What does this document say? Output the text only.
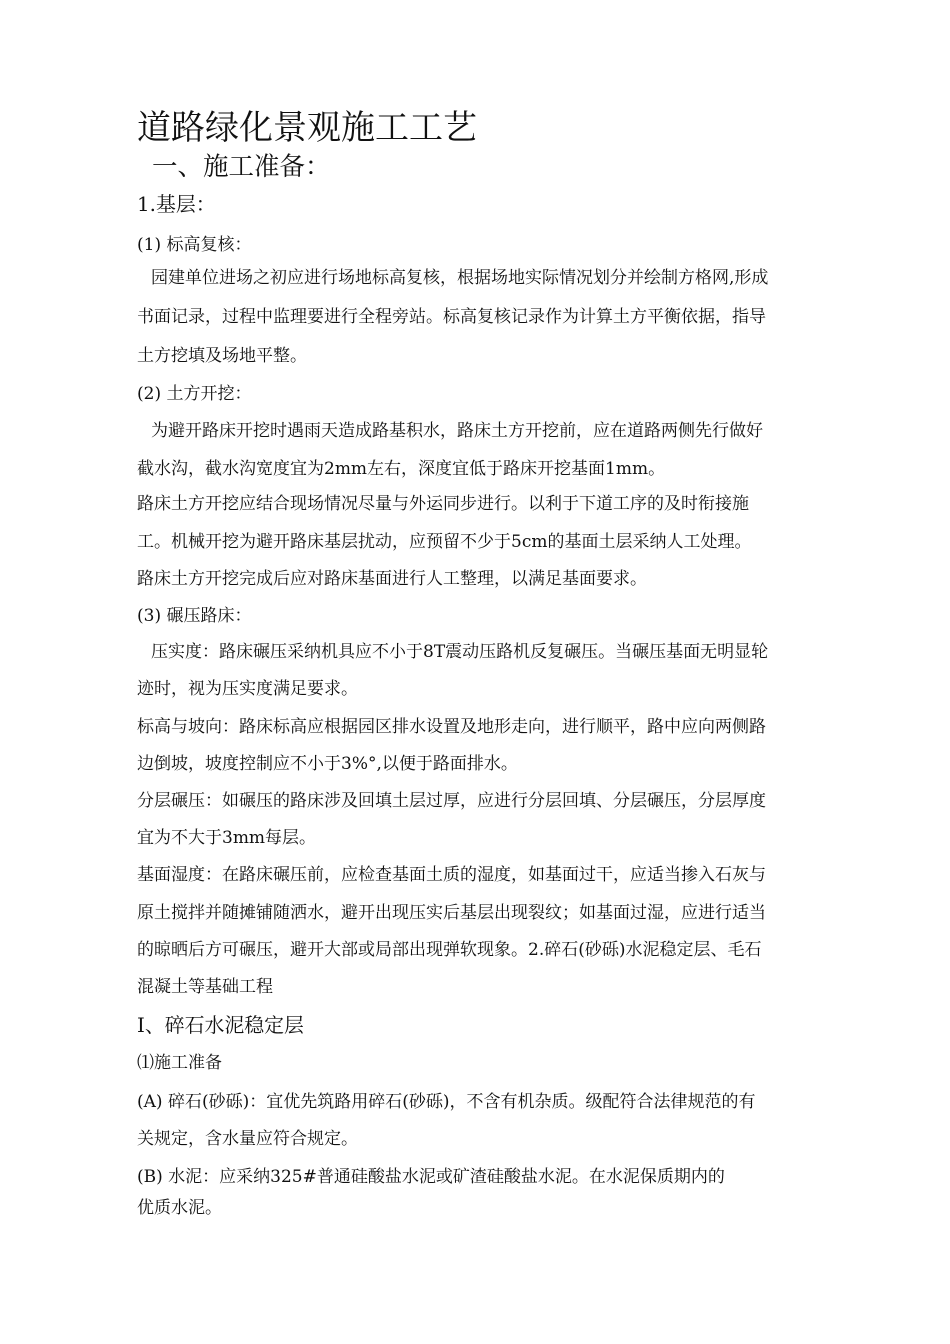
道路绿化景观施工工艺
一、施工准备：
1.基层：
(1) 标高复核：

园建单位进场之初应进行场地标高复核，根据场地实际情况划分并绘制方格网,形成

书面记录，过程中监理要进行全程旁站。标高复核记录作为计算土方平衡依据，指导

土方挖填及场地平整。

(2) 土方开挖：

为避开路床开挖时遇雨天造成路基积水，路床土方开挖前，应在道路两侧先行做好

截水沟，截水沟宽度宜为2mm左右，深度宜低于路床开挖基面1mm。

路床土方开挖应结合现场情况尽量与外运同步进行。以利于下道工序的及时衔接施

工。机械开挖为避开路床基层扰动，应预留不少于5cm的基面土层采纳人工处理。

路床土方开挖完成后应对路床基面进行人工整理，以满足基面要求。

(3) 碾压路床：

压实度：路床碾压采纳机具应不小于8T震动压路机反复碾压。当碾压基面无明显轮

迹时，视为压实度满足要求。

标高与坡向：路床标高应根据园区排水设置及地形走向，进行顺平，路中应向两侧路

边倒坡，坡度控制应不小于3%°,以便于路面排水。

分层碾压：如碾压的路床涉及回填土层过厚，应进行分层回填、分层碾压，分层厚度

宜为不大于3mm每层。

基面湿度：在路床碾压前，应检查基面土质的湿度，如基面过干，应适当掺入石灰与

原土搅拌并随摊铺随洒水，避开出现压实后基层出现裂纹；如基面过湿，应进行适当

的晾晒后方可碾压，避开大部或局部出现弹软现象。2.碎石(砂砾)水泥稳定层、毛石

混凝土等基础工程

I、碎石水泥稳定层
⑴施工准备

(A) 碎石(砂砾)：宜优先筑路用碎石(砂砾)，不含有机杂质。级配符合法律规范的有

关规定，含水量应符合规定。

(B) 水泥：应采纳325#普通硅酸盐水泥或矿渣硅酸盐水泥。在水泥保质期内的

优质水泥。
